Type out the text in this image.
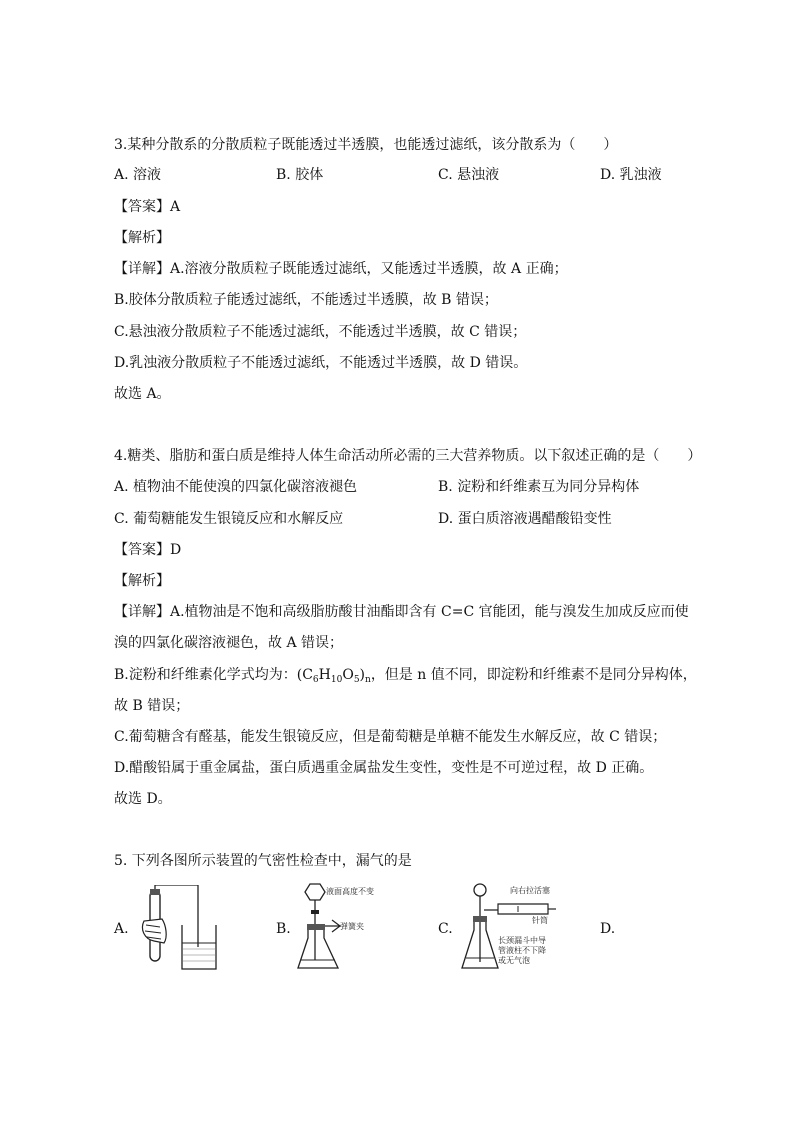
3.某种分散系的分散质粒子既能透过半透膜，也能透过滤纸，该分散系为（　　）
A. 溶液	B. 胶体	C. 悬浊液	D. 乳浊液
【答案】A
【解析】
【详解】A.溶液分散质粒子既能透过滤纸，又能透过半透膜，故 A 正确；
B.胶体分散质粒子能透过滤纸，不能透过半透膜，故 B 错误；
C.悬浊液分散质粒子不能透过滤纸，不能透过半透膜，故 C 错误；
D.乳浊液分散质粒子不能透过滤纸，不能透过半透膜，故 D 错误。
故选 A。
4.糖类、脂肪和蛋白质是维持人体生命活动所必需的三大营养物质。以下叙述正确的是（　　）
A. 植物油不能使溴的四氯化碳溶液褪色	B. 淀粉和纤维素互为同分异构体
C. 葡萄糖能发生银镜反应和水解反应	D. 蛋白质溶液遇醋酸铅变性
【答案】D
【解析】
【详解】A.植物油是不饱和高级脂肪酸甘油酯即含有 C=C 官能团，能与溴发生加成反应而使
溴的四氯化碳溶液褪色，故 A 错误；
B.淀粉和纤维素化学式均为：$(C_6H_{10}O_5)_n$，但是 n 值不同，即淀粉和纤维素不是同分异构体，
故 B 错误；
C.葡萄糖含有醛基，能发生银镜反应，但是葡萄糖是单糖不能发生水解反应，故 C 错误；
D.醋酸铅属于重金属盐，蛋白质遇重金属盐发生变性，变性是不可逆过程，故 D 正确。
故选 D。
5. 下列各图所示装置的气密性检查中，漏气的是
A.	B.	C.	D.
液面高度不变
弹簧夹
向右拉活塞
针筒
长颈漏斗中导
管液柱不下降
或无气泡
